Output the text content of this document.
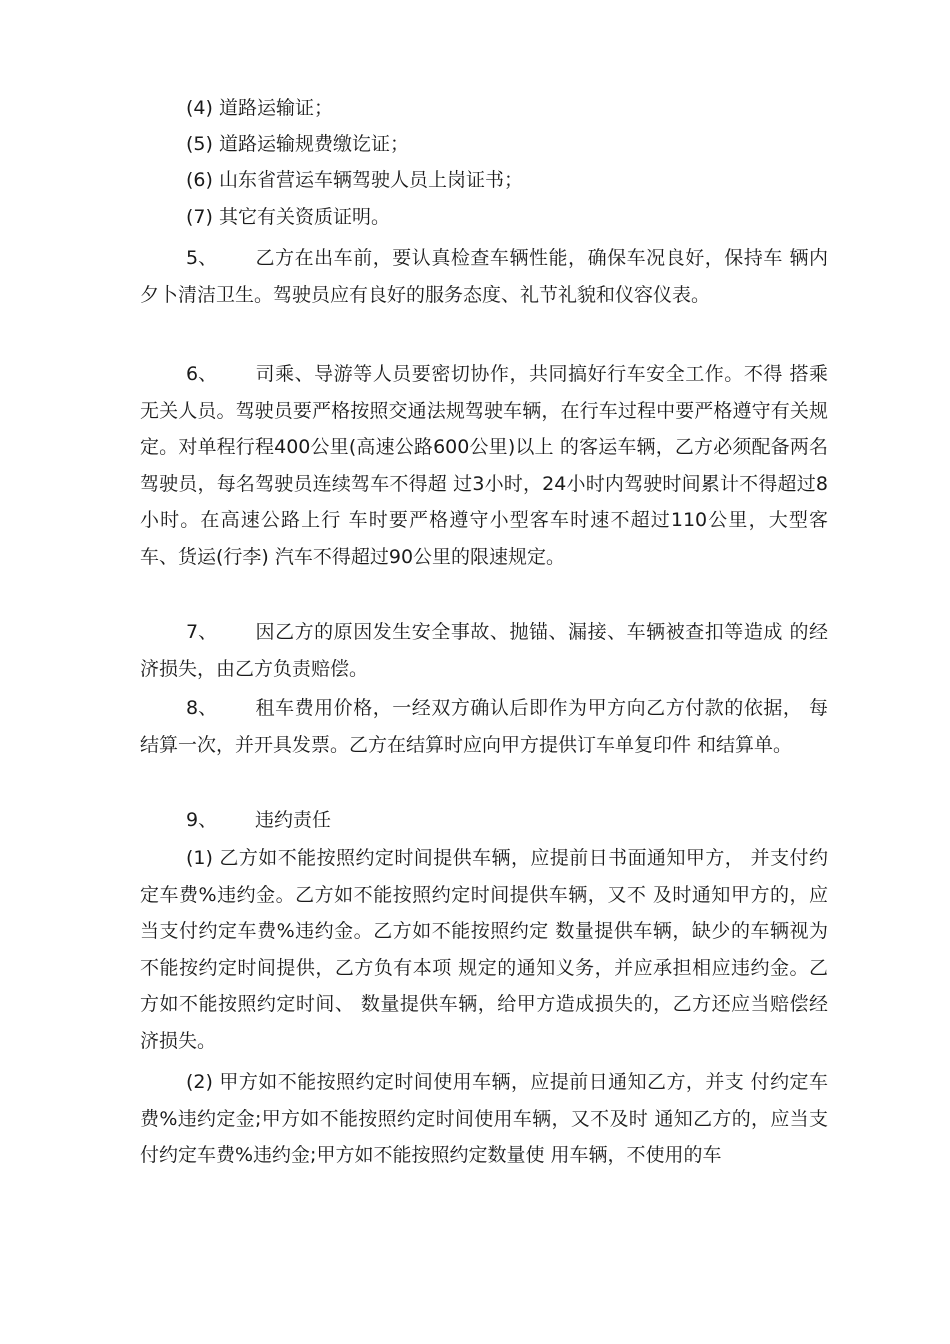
(4) 道路运输证；
(5) 道路运输规费缴讫证；
(6) 山东省营运车辆驾驶人员上岗证书；
(7) 其它有关资质证明。
5、 乙方在出车前，要认真检查车辆性能，确保车况良好，保持车 辆内夕卜清洁卫生。驾驶员应有良好的服务态度、礼节礼貌和仪容仪表。
6、 司乘、导游等人员要密切协作，共同搞好行车安全工作。不得 搭乘无关人员。驾驶员要严格按照交通法规驾驶车辆，在行车过程中要严格遵守有关规定。对单程行程400公里(高速公路600公里)以上 的客运车辆，乙方必须配备两名驾驶员，每名驾驶员连续驾车不得超 过3小时，24小时内驾驶时间累计不得超过8小时。在高速公路上行 车时要严格遵守小型客车时速不超过110公里，大型客车、货运(行李) 汽车不得超过90公里的限速规定。
7、 因乙方的原因发生安全事故、抛锚、漏接、车辆被查扣等造成 的经济损失，由乙方负责赔偿。
8、 租车费用价格，一经双方确认后即作为甲方向乙方付款的依据， 每结算一次，并开具发票。乙方在结算时应向甲方提供订车单复印件 和结算单。
9、 违约责任
(1) 乙方如不能按照约定时间提供车辆，应提前日书面通知甲方， 并支付约定车费%违约金。乙方如不能按照约定时间提供车辆，又不 及时通知甲方的，应当支付约定车费%违约金。乙方如不能按照约定 数量提供车辆，缺少的车辆视为不能按约定时间提供，乙方负有本项 规定的通知义务，并应承担相应违约金。乙方如不能按照约定时间、 数量提供车辆，给甲方造成损失的，乙方还应当赔偿经济损失。
(2) 甲方如不能按照约定时间使用车辆，应提前日通知乙方，并支 付约定车费%违约定金;甲方如不能按照约定时间使用车辆，又不及时 通知乙方的，应当支付约定车费%违约金;甲方如不能按照约定数量使 用车辆，不使用的车
